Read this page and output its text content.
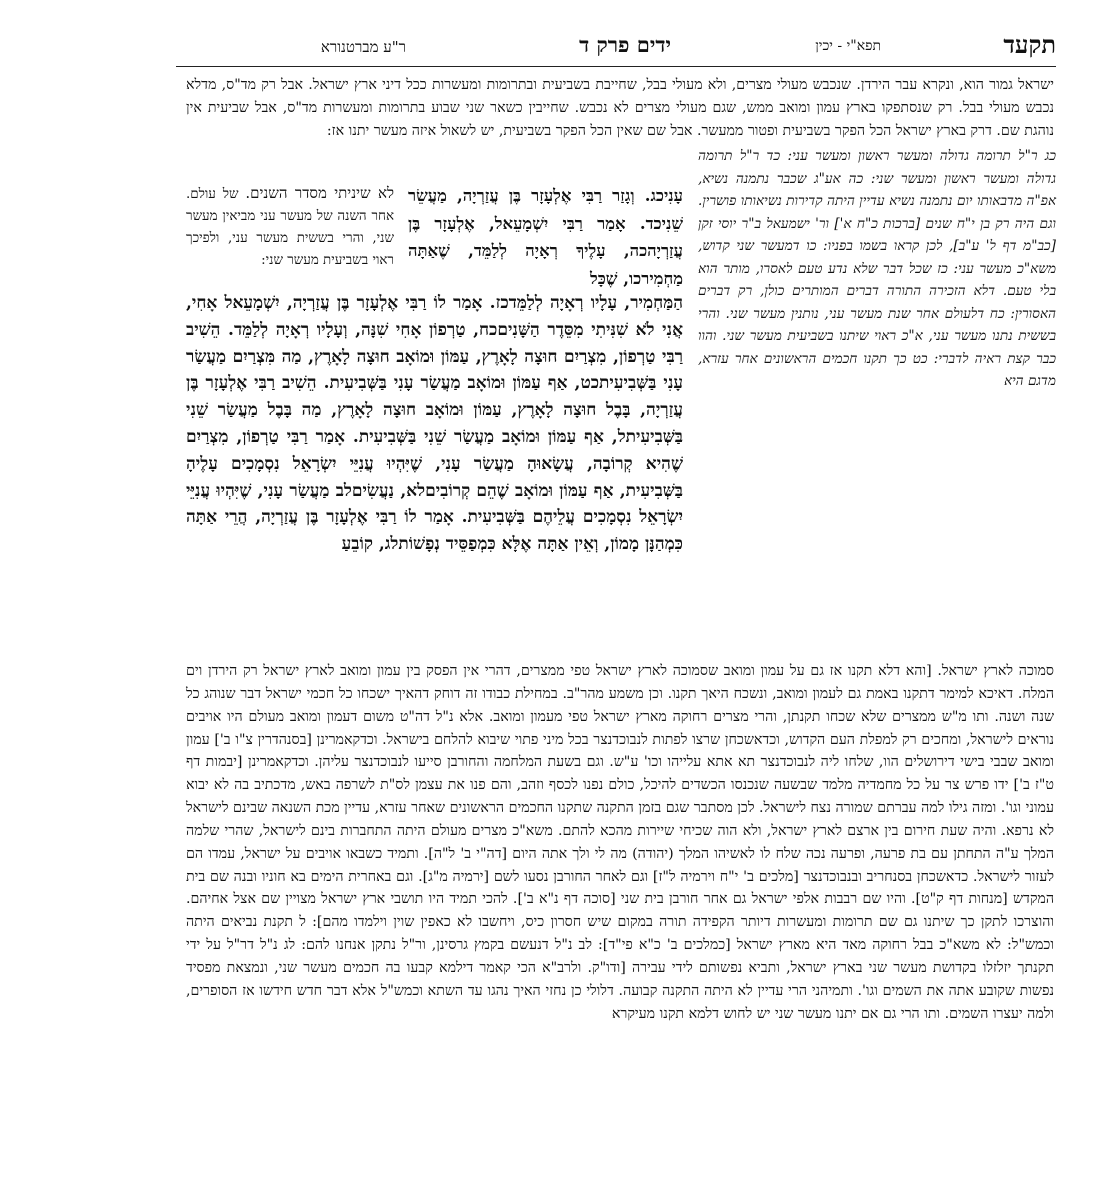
תקעד
תפא"י - יכין
ידים פרק ד
ר"ע מברטנורא

ישראל גמור הוא, ונקרא עבר הירדן. שנכבש מעולי מצרים, ולא מעולי בבל, שחייבת בשביעית ובתרומות ומעשרות ככל דיני ארץ ישראל. אבל רק מד"ס, מדלא נכבש מעולי בבל. רק שנסתפקו בארץ עמון ומואב ממש, שגם מעולי מצרים לא נכבש. שחייבין כשאר שני שבוע בתרומות ומעשרות מד"ס, אבל שביעית אין נוהגת שם. דרק בארץ ישראל הכל הפקר בשביעית ופטור ממעשר. אבל שם שאין הכל הפקר בשביעית, יש לשאול איזה מעשר יתנו אז:

כג ר"ל תרומה גדולה ומעשר ראשון ומעשר עני: כד ר"ל תרומה גדולה ומעשר ראשון ומעשר שני: כה אע"ג שכבר נתמנה נשיא, אפ"ה מדבאותו יום נתמנה נשיא עדיין היתה קדירות נשיאותו פושרין. וגם היה רק בן י"ח שנים [ברכות כ"ח א'] ור' ישמעאל ב"ר יוסי זקן [כב"מ דף ל' ע"ב], לכן קראו בשמו בפניו: כו דמעשר שני קדוש, משא"כ מעשר עני: כז שכל דבר שלא נדע טעם לאסרו, מותר הוא בלי טעם. דלא הזכירה התורה דברים המותרים כולן, רק דברים האסורין: כח דלעולם אחר שנת מעשר עני, נותנין מעשר שני. והרי בששית נתנו מעשר עני, א"כ ראוי שיתנו בשביעית מעשר שני. והוו כבר קצת ראיה לדברי: כט כך תקנו חכמים הראשונים אחר עזרא, מדגם היא

לא שיניתי מסדר השנים. של עולם. אחר השנה של מעשר עני מביאין מעשר שני, והרי בששית מעשר עני, ולפיכך ראוי בשביעית מעשר שני:

עָנִיכג. וְגָזַר רַבִּי אֶלְעָזָר בֶּן עֲזַרְיָה, מַעֲשֵׂר שֵׁנִיכד. אָמַר רַבִּי יִשְׁמָעֵאל, אֶלְעָזָר בֶּן עֲזַרְיָהכה, עָלֶיךָ רְאָיָה לְלַמֵּד, שֶׁאַתָּה מַחְמִירכו, שֶׁכָּל

הַמַּחְמִיר, עָלָיו רְאָיָה לְלַמֵּדכז. אָמַר לוֹ רַבִּי אֶלְעָזָר בֶּן עֲזַרְיָה, יִשְׁמָעֵאל אָחִי, אֲנִי לֹא שִׁנִּיתִי מִסֵּדֶר הַשָּׁנִיםכח, טַרְפוֹן אָחִי שִׁנָּה, וְעָלָיו רְאָיָה לְלַמֵּד. הֵשִׁיב רַבִּי טַרְפוֹן, מִצְרַיִם חוּצָה לָאָרֶץ, עַמּוֹן וּמוֹאָב חוּצָה לָאָרֶץ, מַה מִּצְרַיִם מַעֲשַׂר עָנִי בַּשְּׁבִיעִיתכט, אַף עַמּוֹן וּמוֹאָב מַעֲשַׂר עָנִי בַּשְּׁבִיעִית. הֵשִׁיב רַבִּי אֶלְעָזָר בֶּן עֲזַרְיָה, בָּבֶל חוּצָה לָאָרֶץ, עַמּוֹן וּמוֹאָב חוּצָה לָאָרֶץ, מַה בָּבֶל מַעֲשַׂר שֵׁנִי בַּשְּׁבִיעִיתל, אַף עַמּוֹן וּמוֹאָב מַעֲשַׂר שֵׁנִי בַּשְּׁבִיעִית. אָמַר רַבִּי טַרְפוֹן, מִצְרַיִם שֶׁהִיא קְרוֹבָה, עֲשָׂאוּהָ מַעֲשַׂר עָנִי, שֶׁיִּהְיוּ עֲנִיֵּי יִשְׂרָאֵל נִסְמָכִים עָלֶיהָ בַּשְּׁבִיעִית, אַף עַמּוֹן וּמוֹאָב שֶׁהֵם קְרוֹבִיםלא, נַעֲשִׂיםלב מַעֲשַׂר עָנִי, שֶׁיִּהְיוּ עֲנִיֵּי יִשְׂרָאֵל נִסְמָכִים עֲלֵיהֶם בַּשְּׁבִיעִית. אָמַר לוֹ רַבִּי אֶלְעָזָר בֶּן עֲזַרְיָה, הֲרֵי אַתָּה כִּמְהַנָּן מָמוֹן, וְאֵין אַתָּה אֶלָּא כִּמְפַסֵּיד נְפָשׁוֹתלג, קוֹבֵעַ

סמוכה לארץ ישראל. [והא דלא תקנו אז גם על עמון ומואב שסמוכה לארץ ישראל טפי ממצרים, דהרי אין הפסק בין עמון ומואב לארץ ישראל רק הירדן וים המלח. דאיכא למימר דתקנו באמת גם לעמון ומואב, ונשכח היאך תקנו. וכן משמע מהר"ב. במחילת כבודו זה דוחק דהאיך ישכחו כל חכמי ישראל דבר שנוהג כל שנה ושנה. ותו מ"ש ממצרים שלא שכחו תקנתן, והרי מצרים רחוקה מארץ ישראל טפי מעמון ומואב. אלא נ"ל דה"ט משום דעמון ומואב מעולם היו אויבים נוראים לישראל, ומחכים רק למפלת העם הקדוש, וכדאשכחן שרצו לפתות לנבוכדנצר בכל מיני פתוי שיבוא להלחם בישראל. וכדקאמרינן [בסנהדרין צ"ו ב'] עמון ומואב שבבי בישי דירושלים הוו, שלחו ליה לנבוכדנצר תא אתא עלייהו וכו' ע"ש. וגם בשעת המלחמה והחורבן סייעו לנבוכדנצר עליהן. וכדקאמרינן [יבמות דף ט"ז ב'] ידו פרש צר על כל מחמדיה מלמד שבשעה שנכנסו הכשדים להיכל, כולם נפנו לכסף וזהב, והם פנו את עצמן לס"ת לשרפה באש, מדכתיב בה לא יבוא עמוני וגו'. ומזה גילו למה עברתם שמורה נצח לישראל. לכן מסתבר שגם בזמן התקנה שתקנו החכמים הראשונים שאחר עזרא, עדיין מכת השנאה שבינם לישראל לא נרפא. והיה שעת חירום בין ארצם לארץ ישראל, ולא הוה שכיחי שיירות מהכא להתם. משא"כ מצרים מעולם היתה התחברות בינם לישראל, שהרי שלמה המלך ע"ה התחתן עם בת פרעה, ופרעה נכה שלח לו לאשיהו המלך (יהודה) מה לי ולך אתה היום [דה"י ב' ל"ה]. ותמיד כשבאו אויבים על ישראל, עמדו הם לעזור לישראל. כדאשכחן בסנחריב ובנבוכדנצר [מלכים ב' י"ח וירמיה ל"ז] וגם לאחר החורבן נסעו לשם [ירמיה מ"ג]. וגם באחרית הימים בא חוניו ובנה שם בית המקדש [מנחות דף ק"ט]. והיו שם רבבות אלפי ישראל גם אחר חורבן בית שני [סוכה דף נ"א ב']. להכי תמיד היו תושבי ארץ ישראל מצויין שם אצל אחיהם. והוצרכו לתקן כך שיתנו גם שם תרומות ומעשרות דיותר הקפידה תורה במקום שיש חסרון כיס, ויחשבו לא כאפין שוין וילמדו מהם]: ל תקנת נביאים היתה וכמש"ל: לא משא"כ בבל רחוקה מאד היא מארץ ישראל [כמלכים ב' כ"א פי"ד]: לב נ"ל דנעשם בקמץ גרסינן, ור"ל נתקן אנחנו להם: לג נ"ל דר"ל על ידי תקנתך יזלזלו בקדושת מעשר שני בארץ ישראל, ותביא נפשותם לידי עבירה [ודו"ק. ולרב"א הכי קאמר דילמא קבעו בה חכמים מעשר שני, ונמצאת מפסיד נפשות שקובע אתה את השמים וגו'. ותמיהני הרי עדיין לא היתה התקנה קבועה. דלולי כן נחזי האיך נהגו עד השתא וכמש"ל אלא דבר חדש חידשו אז הסופרים, ולמה יעצרו השמים. ותו הרי גם אם יתנו מעשר שני יש לחוש דלמא תקנו מעיקרא
